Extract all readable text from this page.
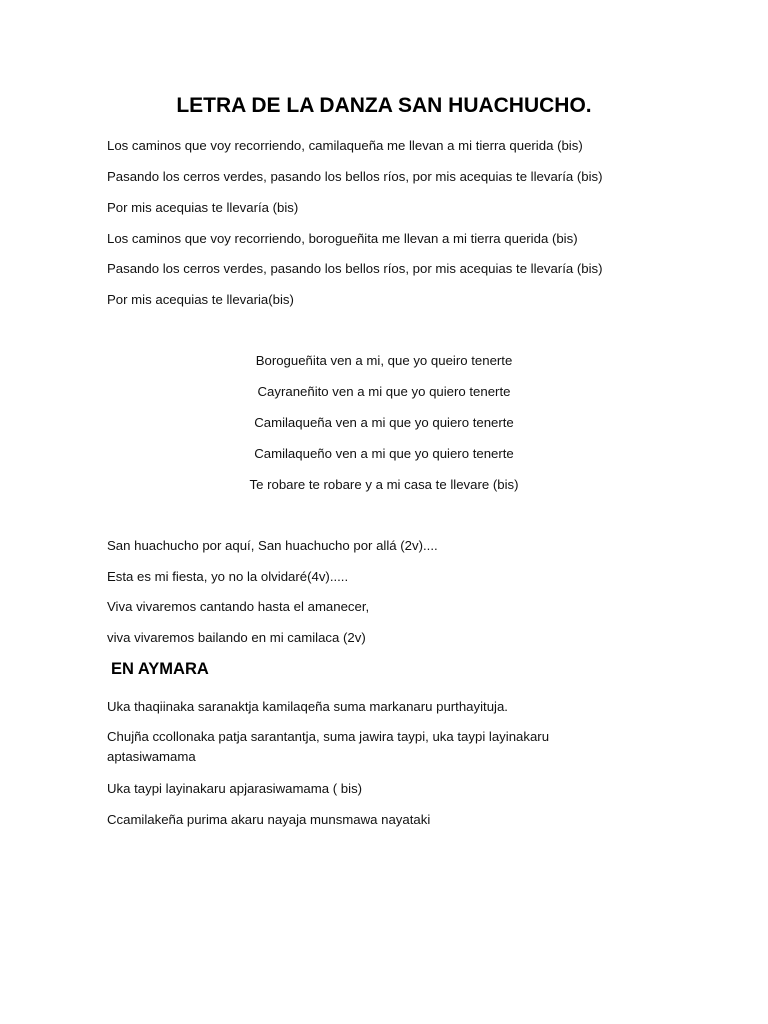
LETRA DE LA DANZA SAN HUACHUCHO.

Los caminos que voy recorriendo, camilaqueña me llevan a mi tierra querida (bis)

Pasando los cerros verdes, pasando los bellos ríos, por mis acequias te llevaría (bis)

Por mis acequias te llevaría (bis)

Los caminos que voy recorriendo, borogueñita me llevan a mi tierra querida (bis)

Pasando los cerros verdes, pasando los bellos ríos, por mis acequias te llevaría (bis)

Por mis acequias te llevaria(bis)

Borogueñita ven a mi, que yo queiro tenerte

Cayraneñito ven a mi que yo quiero tenerte

Camilaqueña ven a mi que yo quiero tenerte

Camilaqueño ven a mi que yo quiero tenerte

Te robare te robare y a mi casa te llevare (bis)

San huachucho por aquí, San huachucho por allá (2v)....

Esta es mi fiesta, yo no la olvidaré(4v).....

Viva vivaremos cantando hasta el amanecer,

viva vivaremos bailando en mi camilaca (2v)

EN AYMARA

Uka thaqiinaka saranaktja kamilaqeña suma markanaru purthayituja.

Chujña ccollonaka patja sarantantja, suma jawira taypi, uka taypi layinakaru aptasiwamama

Uka taypi layinakaru apjarasiwamama ( bis)

Ccamilakeña purima akaru nayaja munsmawa nayataki
